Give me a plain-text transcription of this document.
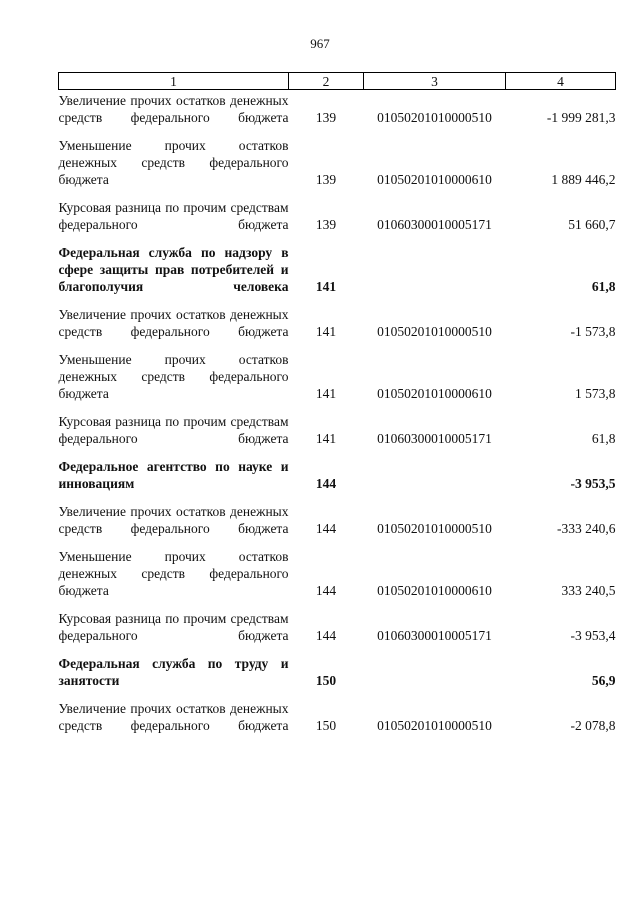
967
1	2	3	4
Увеличение прочих остатков денежных средств федерального бюджета	139	01050201010000510	-1 999 281,3
Уменьшение прочих остатков денежных средств федерального бюджета	139	01050201010000610	1 889 446,2
Курсовая разница по прочим средствам федерального бюджета	139	01060300010005171	51 660,7
Федеральная служба по надзору в сфере защиты прав потребителей и благополучия человека	141		61,8
Увеличение прочих остатков денежных средств федерального бюджета	141	01050201010000510	-1 573,8
Уменьшение прочих остатков денежных средств федерального бюджета	141	01050201010000610	1 573,8
Курсовая разница по прочим средствам федерального бюджета	141	01060300010005171	61,8
Федеральное агентство по науке и инновациям	144		-3 953,5
Увеличение прочих остатков денежных средств федерального бюджета	144	01050201010000510	-333 240,6
Уменьшение прочих остатков денежных средств федерального бюджета	144	01050201010000610	333 240,5
Курсовая разница по прочим средствам федерального бюджета	144	01060300010005171	-3 953,4
Федеральная служба по труду и занятости	150		56,9
Увеличение прочих остатков денежных средств федерального бюджета	150	01050201010000510	-2 078,8
